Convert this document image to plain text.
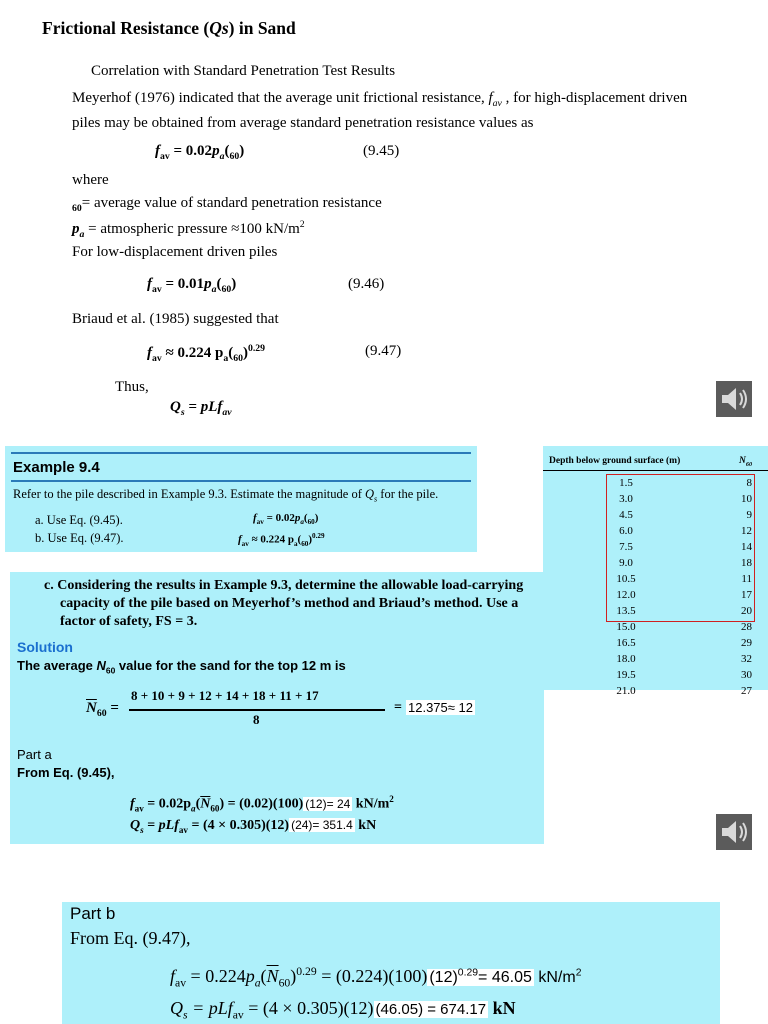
Frictional Resistance (Qs) in Sand
Correlation with Standard Penetration Test Results
Meyerhof (1976) indicated that the average unit frictional resistance, $f_{av}$ , for high-displacement driven
piles may be obtained from average standard penetration resistance values as
$f_{av} = 0.02p_a(_{60})$	(9.45)
where
$_{60}$= average value of standard penetration resistance
$p_a$ = atmospheric pressure ≈100 $kN/m^2$
For low-displacement driven piles
$f_{av} = 0.01p_a(_{60})$	(9.46)
Briaud et al. (1985) suggested that
$f_{av} \approx 0.224$ $p_a(_{60})^{0.29}$	(9.47)
Thus,
$Q_s = pLf_{av}$
Example 9.4
Refer to the pile described in Example 9.3. Estimate the magnitude of $Q_s$ for the pile.
a. Use Eq. (9.45).
b. Use Eq. (9.47).
$f_{av} = 0.02p_a(_{60})$
$f_{av} \approx 0.224$ $p_a(_{60})^{0.29}$
Depth below ground surface (m)	$N_{60}$
1.5	8
3.0	10
4.5	9
6.0	12
7.5	14
9.0	18
10.5	11
12.0	17
13.5	20
15.0	28
16.5	29
18.0	32
19.5	30
21.0	27
c. Considering the results in Example 9.3, determine the allowable load-carrying
capacity of the pile based on Meyerhof’s method and Briaud’s method. Use a
factor of safety, FS = 3.
Solution
The average $N_{60}$ value for the sand for the top 12 m is
$\overline{N}_{60}$ =
8 + 10 + 9 + 12 + 14 + 18 + 11 + 17
8
= 12.375≈ 12
Part a
From Eq. (9.45),
$f_{av} = 0.02p_a(\overline{N}_{60}) = (0.02)(100)$ (12)= 24 $kN/m^2$
$Q_s = pLf_{av} = (4 \times 0.305)(12)$ (24)= 351.4 kN
Part b
From Eq. (9.47),
$f_{av} = 0.224p_a(\overline{N}_{60})^{0.29} = (0.224)(100)$ $(12)^{0.29}= 46.05$ $kN/m^2$
$Q_s = pLf_{av} = (4 \times 0.305)(12) (46.05) = 674.17$ kN
